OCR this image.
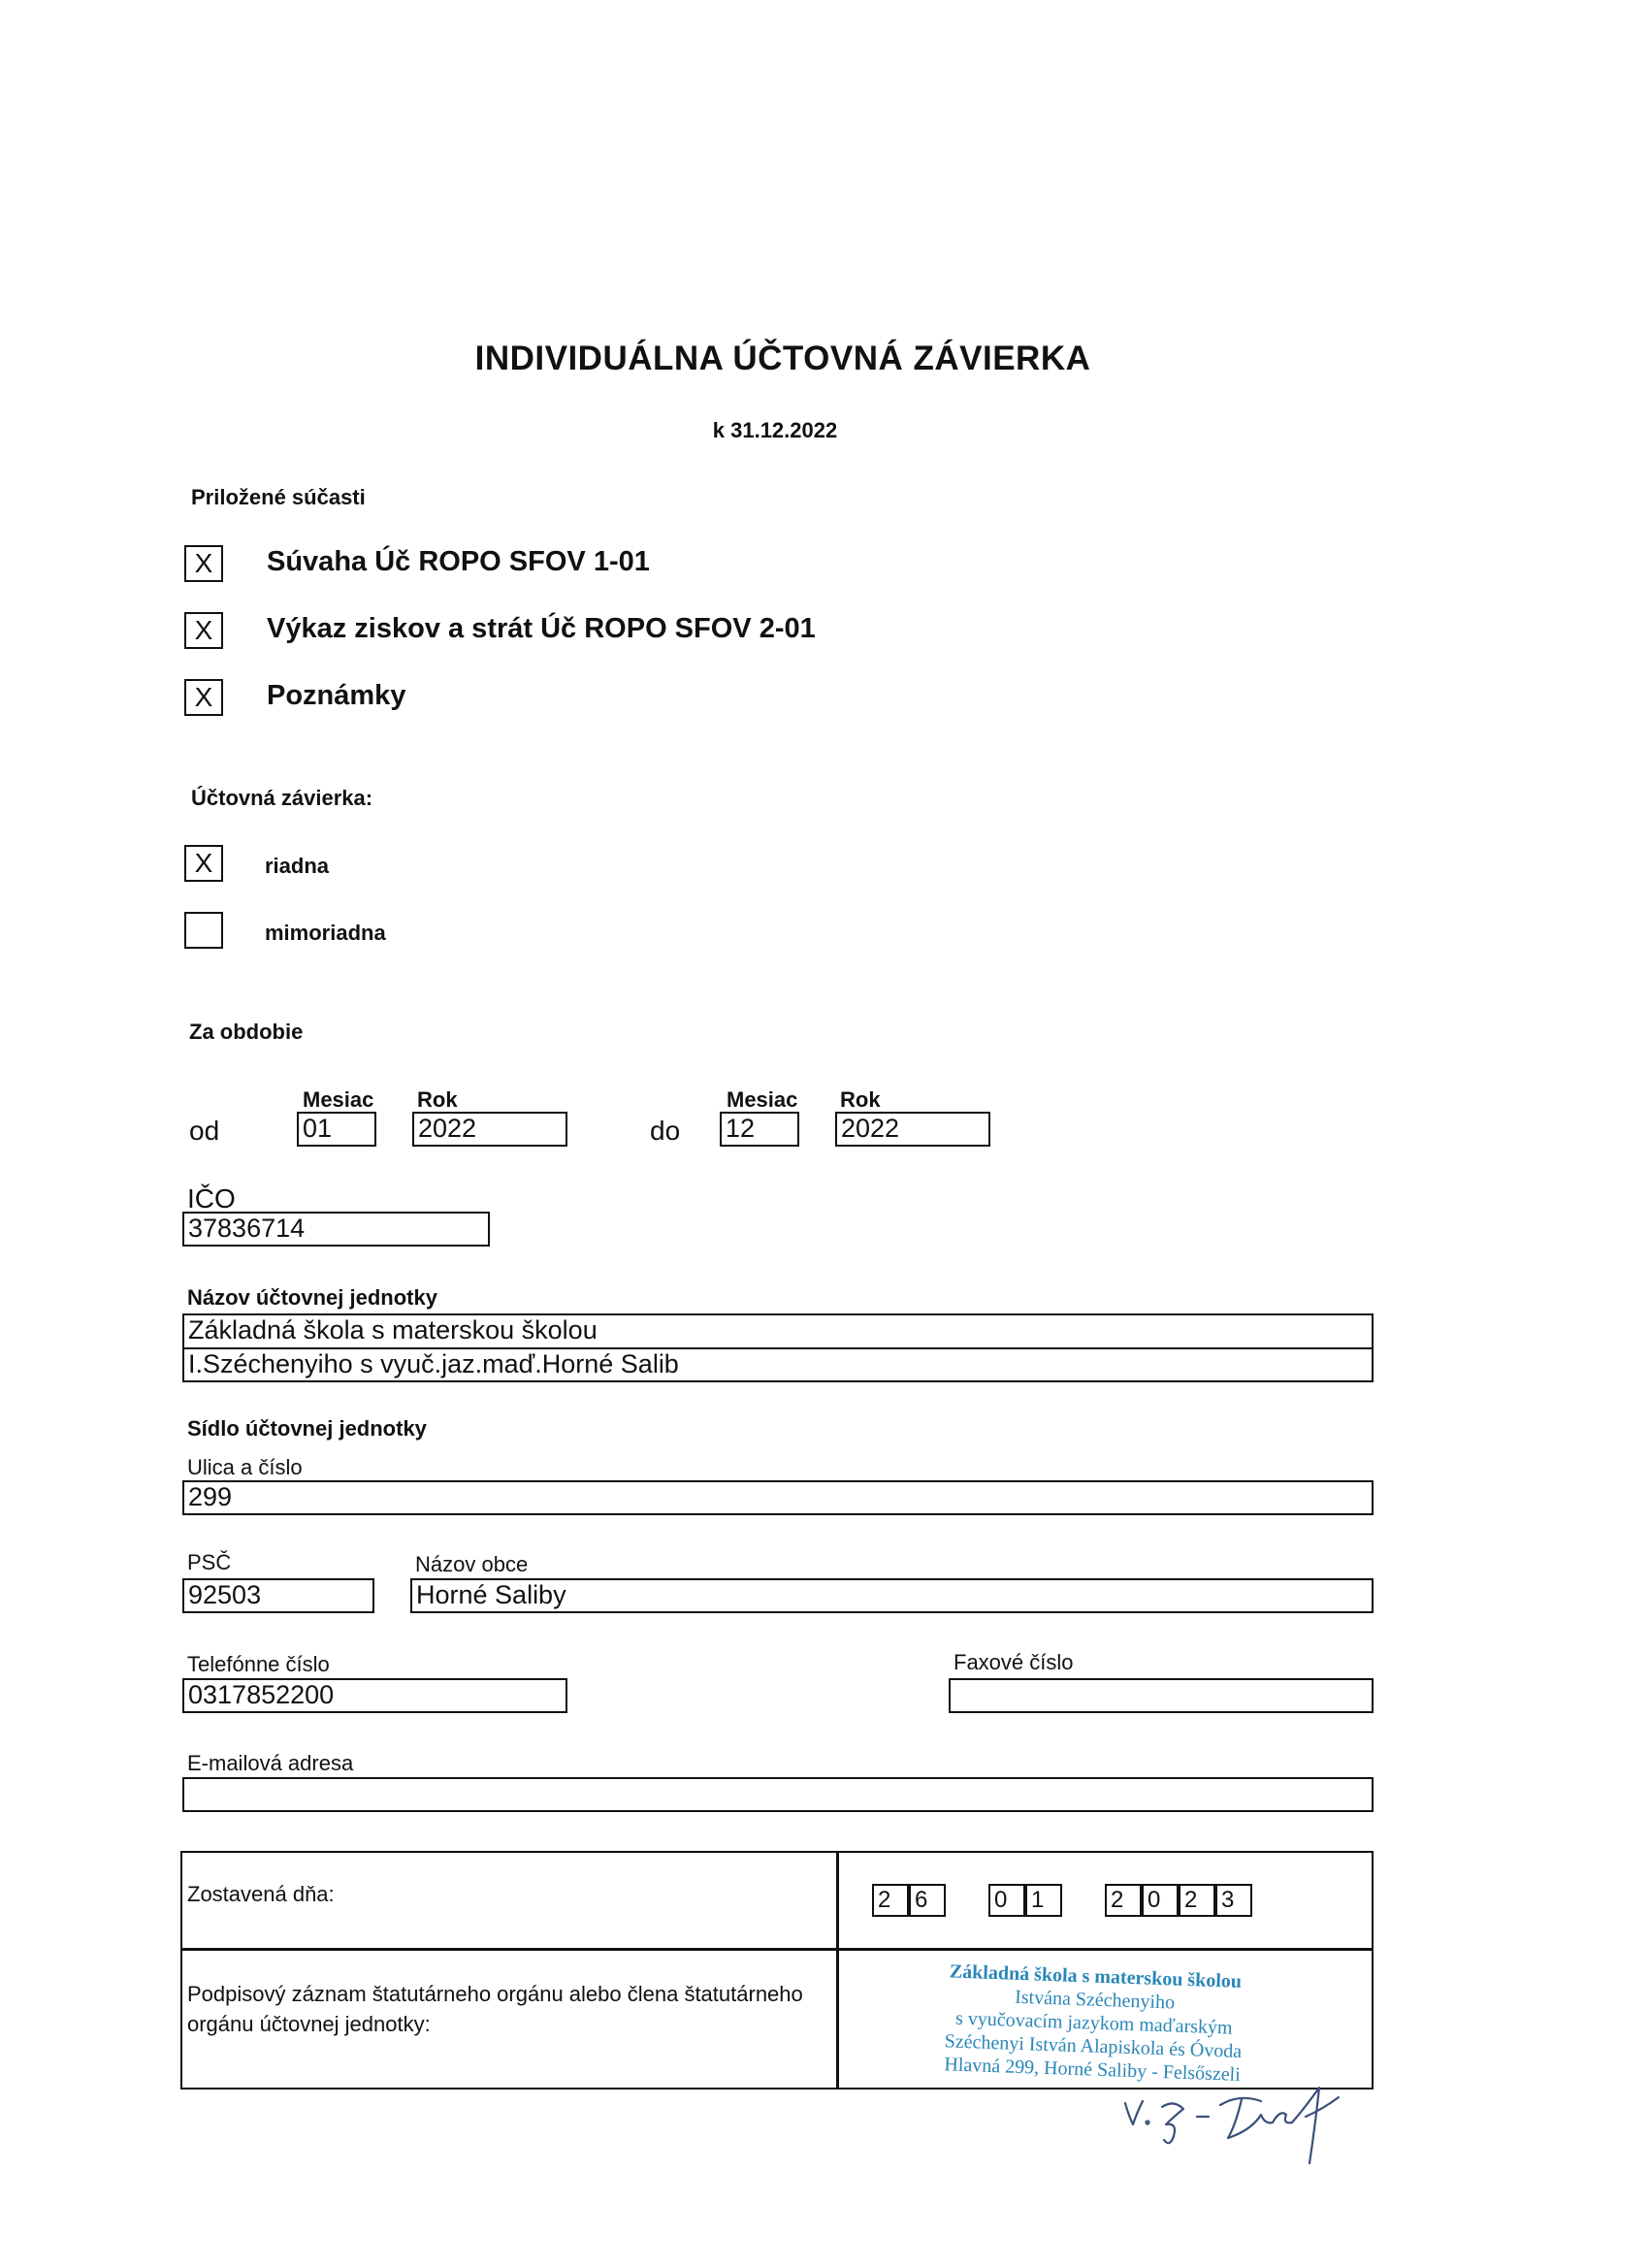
INDIVIDUÁLNA ÚČTOVNÁ ZÁVIERKA
k 31.12.2022
Priložené súčasti
X	Súvaha Úč ROPO SFOV 1-01
X	Výkaz ziskov a strát Úč ROPO SFOV 2-01
X	Poznámky
Účtovná závierka:
X	riadna
mimoriadna
Za obdobie
Mesiac Rok	Mesiac Rok
od	01	2022	do 12	2022
IČO
37836714
Názov účtovnej jednotky
Základná škola s materskou školou
I.Széchenyiho s vyuč.jaz.maď.Horné Salib
Sídlo účtovnej jednotky
Ulica a číslo
299
PSČ
92503
Názov obce
Horné Saliby
Telefónne číslo
0317852200
Faxové číslo
E-mailová adresa
Zostavená dňa:	2	6	0	1	2	0	2	3
Podpisový záznam štatutárneho orgánu alebo člena štatutárneho orgánu účtovnej jednotky:
Základná škola s materskou školou
Istvána Széchenyiho
s vyučovacím jazykom maďarským
Széchenyi István Alapiskola és Óvoda
Hlavná 299, Horné Saliby - Felsőszeli
